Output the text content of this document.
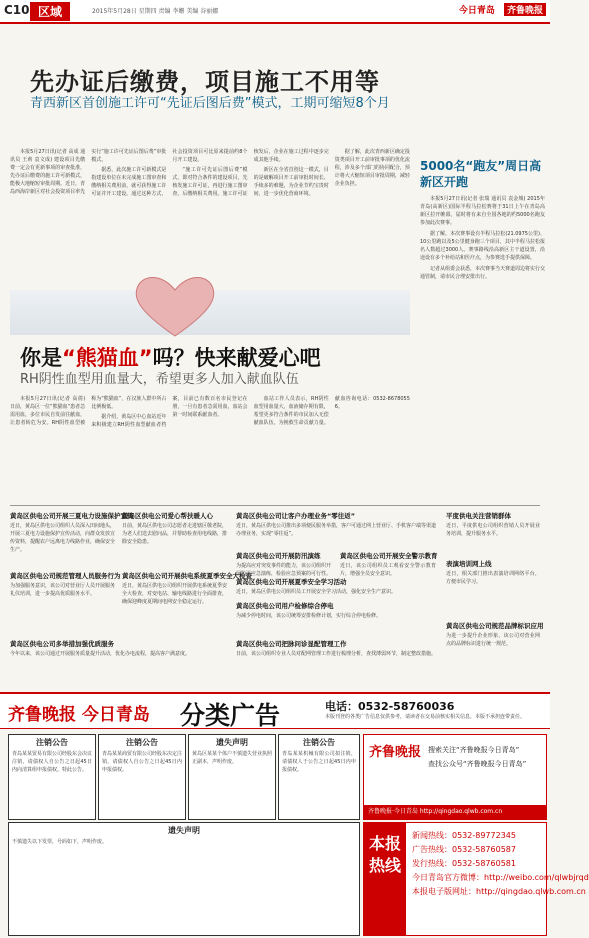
C10 区域	2015年5月28日 星期四 责编 李姗 美编 谷丽娜	今日青岛 齐鲁晚报
先办证后缴费，项目施工不用等
青西新区首创施工许可“先证后图后费”模式，工期可缩短8个月

本报5月27日讯(记者 高成 通讯员 王莉 袁文成) 建设项目先缴费一定会有更新事项的审查批准，先办证后缴费的施工许可新模式，能极大地缩短审批周期。近日，青岛西海岸新区对社会投资项目率先实行“施工许可先证后图后费”审批模式。

据悉，此次施工许可新模式是指建设单位在未完成施工图审查和缴纳相关费用前，就可获得施工许可证并开工建设。通过这种方式，社会投资项目可比原来提前约8个月开工建设。

“施工许可先证后图后费”模式，即对符合条件的建设项目，先核发施工许可证，再进行施工图审查，后缴纳相关费用。施工许可证核发后，企业在施工过程中逐步完成其他手续。

新区在全省首创这一模式，目的是破解项目开工前审批时间长、手续多的难题，为企业节约宝贵时间，进一步优化营商环境。

据了解，此次青西新区确定投资类项目开工前审批事项的优化流程，涉及多个部门的协同配合，预计将大大缩短项目审批周期，减轻企业负担。

5000名“跑友”周日高新区开跑

本报5月27日讯(记者 张瑞 通讯员 袁金城) 2015年青岛(高新区)国际半程马拉松赛将于31日上午在青岛高新区拉开帷幕，届时将有来自全国各地的约5000名跑友参加此次赛事。

据了解，本次赛事设有半程马拉松(21.0975公里)、10公里跑以及5公里健身跑三个项目，其中半程马拉松报名人数超过3000人。赛事路线沿高新区主干道设置，沿途设有多个补给站和医疗点，为参赛选手提供保障。

记者从组委会获悉，本次赛事当天赛道周边将实行交通管制，请市民合理安排出行。

你是“熊猫血”吗？快来献爱心吧
RH阴性血型用血量大，希望更多人加入献血队伍

本报5月27日讯(记者 高倩) 日前，黄岛区一位“熊猫血”患者急需用血，多位市民自发前往献血，让患者转危为安。RH阴性血型被称为“熊猫血”，在汉族人群中所占比例极低。

据介绍，黄岛区中心血站近年来积极建立RH阴性血型献血者档案，目前已有数百名市民登记在册，一旦有患者急需用血，血站会第一时间联系献血者。

血站工作人员表示，RH阴性血型用血量大，血液储存期有限，希望更多符合条件的市民加入无偿献血队伍，为挽救生命贡献力量。献血咨询电话：0532-86780556。

黄岛区供电公司开展三夏电力设施保护宣传

近日，黄岛区供电公司组织人员深入田间地头，开展三夏电力设施保护宣传活动，向群众发放宣传资料，提醒农户远离电力线路作业，确保安全生产。

黄岛区供电公司爱心帮扶暖人心

日前，黄岛区供电公司志愿者走进辖区敬老院，为老人们送去慰问品，并帮助检查用电线路，排除安全隐患。

黄岛区供电公司规范管理人员服务行为

为加强服务意识，该公司对营业厅人员开展服务礼仪培训，进一步提高优质服务水平。

黄岛区供电公司开展供电系统夏季安全大检查

近日，黄岛区供电公司组织开展供电系统夏季安全大检查，对变电站、输电线路进行全面排查，确保迎峰度夏期间电网安全稳定运行。

黄岛区供电公司多举措加强优质服务

今年以来，该公司通过开展服务质量提升活动，优化办电流程，提高客户满意度。

黄岛区供电公司让客户办理业务“零往返”

近日，黄岛区供电公司推出多项便民服务举措，客户可通过网上营业厅、手机客户端等渠道办理业务，实现“零往返”。

黄岛区供电公司开展防汛演练

为提高应对突发事件的能力，该公司组织开展防汛应急演练，检验应急预案的可行性。

黄岛区供电公司开展安全警示教育

近日，该公司组织员工观看安全警示教育片，增强全员安全意识。

黄岛区供电公司用户检修综合停电

为减少停电时间，该公司统筹安排检修计划，实行综合停电检修。

黄岛区供电公司把脉问诊显配管理工作

日前，该公司组织专业人员对配网管理工作进行梳理分析，查找薄弱环节，制定整改措施。

黄岛区供电公司开展夏季安全学习活动

近日，黄岛区供电公司组织员工开展安全学习活动，强化安全生产意识。

平度供电关注营销群体

近日，平度供电公司组织营销人员开展业务培训，提升服务水平。

表演培训网上线

近日，相关部门推出表演培训网络平台，方便市民学习。

黄岛区供电公司规范品牌标识应用

为进一步提升企业形象，该公司对营业网点的品牌标识进行统一规范。

齐鲁晚报 今日青岛 分类广告	电话：0532-58760036
本版刊登的各类广告信息仅供参考，请读者在交易前核实相关信息，本版不承担连带责任。
注销公告
青岛某某贸易有限公司经股东会决议注销，请债权人自公告之日起45日内向清算组申报债权。特此公告。
注销公告
青岛某某商贸有限公司经股东决定注销，请债权人自公告之日起45日内申报债权。
遗失声明
黄岛区某某个体户不慎遗失营业执照正副本，声明作废。
注销公告
青岛某某机械有限公司拟注销，请债权人于公告之日起45日内申报债权。
遗失声明
不慎遗失以下发票，号码如下，声明作废。
齐鲁晚报 搜索关注“齐鲁晚报今日青岛”
查找公众号“齐鲁晚报今日青岛”
齐鲁晚报·今日青岛 http://qingdao.qlwb.com.cn
本报热线
新闻热线：0532-89772345
广告热线：0532-58760587
发行热线：0532-58760581
今日青岛官方微博：http://weibo.com/qlwbjrqd
本报电子版网址：http://qingdao.qlwb.com.cn
